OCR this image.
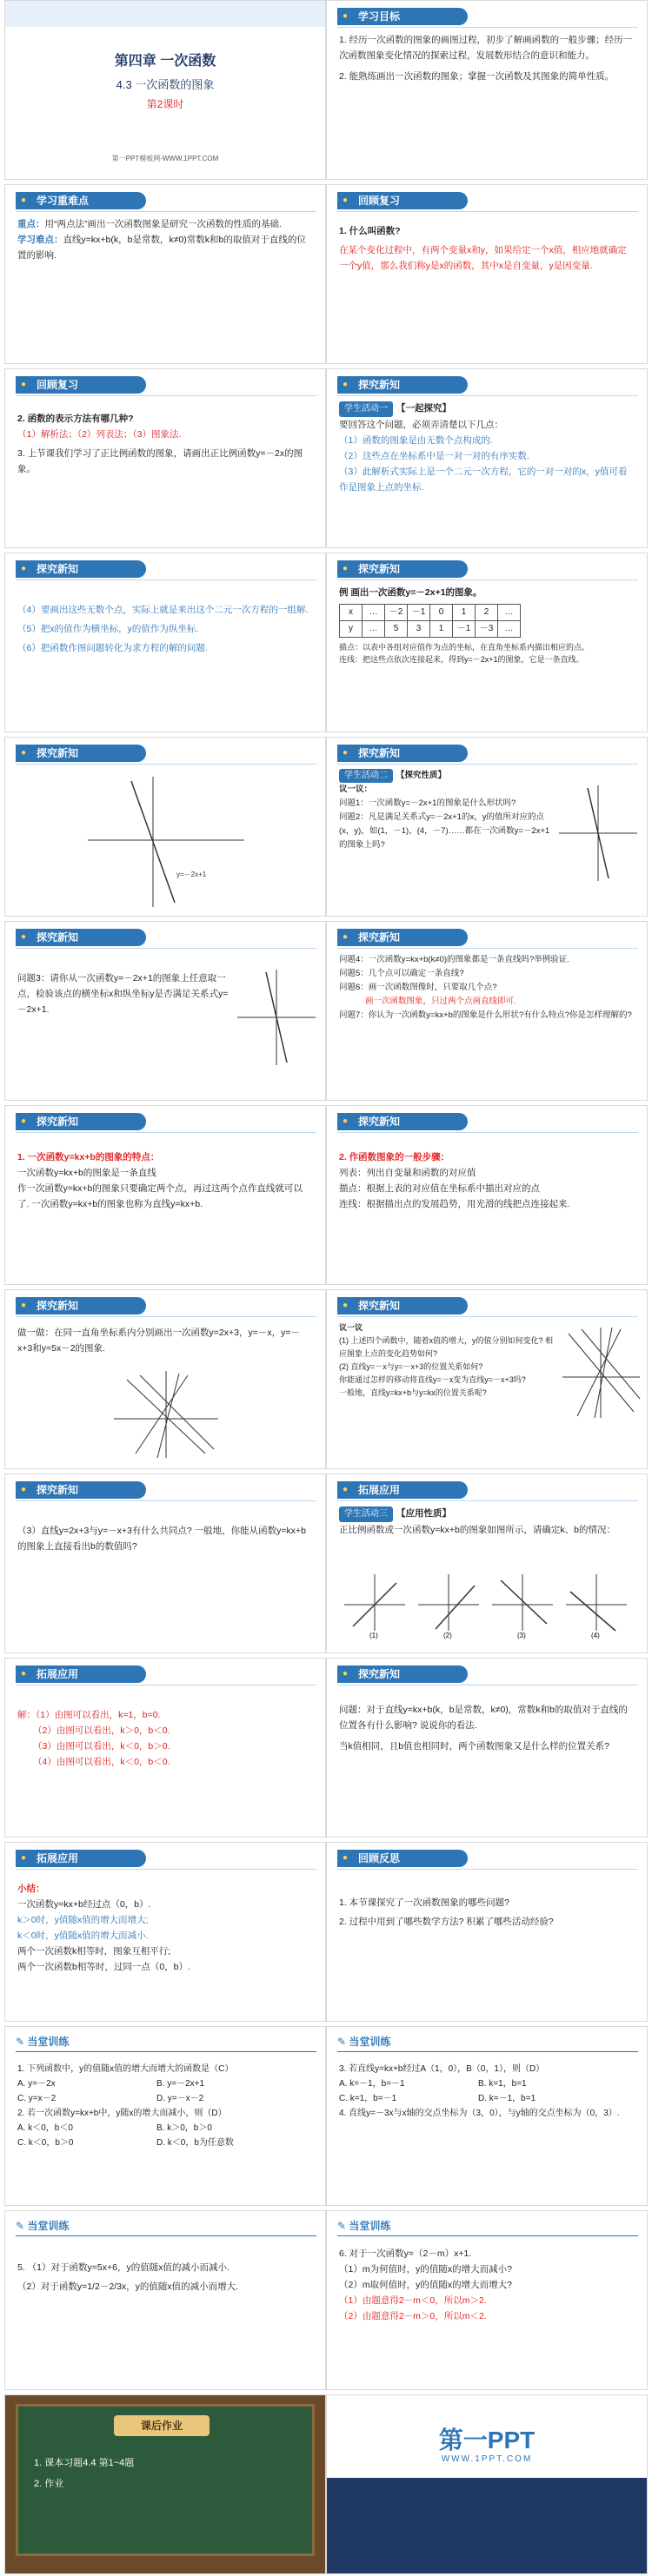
第四章 一次函数
4.3 一次函数的图象
第2课时
第一PPT模板网-WWW.1PPT.COM
● 学习目标

1. 经历一次函数的图象的画图过程，初步了解画函数的一般步骤；经历一次函数图象变化情况的探索过程，发展数形结合的意识和能力。

2. 能熟练画出一次函数的图象；掌握一次函数及其图象的简单性质。

● 学习重难点

重点：用“两点法”画出一次函数图象是研究一次函数的性质的基础.

学习难点：直线y=kx+b(k，b是常数，k≠0)常数k和b的取值对于直线的位置的影响.

● 回顾复习

1. 什么叫函数?

在某个变化过程中，有两个变量x和y，如果给定一个x值，相应地就确定一个y值，那么我们称y是x的函数，其中x是自变量，y是因变量.

● 回顾复习

2. 函数的表示方法有哪几种?

（1）解析法；（2）列表法；（3）图象法.

3. 上节课我们学习了正比例函数的图象，请画出正比例函数y=－2x的图象。

● 探究新知

学生活动一 【一起探究】

要回答这个问题，必须弄清楚以下几点：

（1）函数的图象是由无数个点构成的.

（2）这些点在坐标系中是一对一对的有序实数.

（3）此解析式实际上是一个二元一次方程，它的一对一对的x，y值可看作是图象上点的坐标.

● 探究新知

（4）要画出这些无数个点，实际上就是来出这个二元一次方程的一组解.

（5）把x的值作为横坐标，y的值作为纵坐标.

（6）把函数作图问题转化为求方程的解的问题.

● 探究新知

例 画出一次函数y=－2x+1的图象。

x	…	－2	－1	0	1	2	…
y	…	5	3	1	－1	－3	…

描点：以表中各组对应值作为点的坐标，在直角坐标系内描出相应的点。

连线：把这些点依次连接起来，得到y=－2x+1的图象，它是一条直线。

● 探究新知
y=－2x+1
● 探究新知

学生活动二 【探究性质】

议一议：

问题1：一次函数y=－2x+1的图象是什么形状吗?

问题2：凡是满足关系式y=－2x+1的x，y的值所对应的点(x，y)，如(1，－1)，(4，－7)……都在一次函数y=－2x+1的图象上吗?

● 探究新知

问题3：请你从一次函数y=－2x+1的图象上任意取一点，检验该点的横坐标x和纵坐标y是否满足关系式y=－2x+1.

● 探究新知

问题4：一次函数y=kx+b(k≠0)的图象都是一条直线吗?举例验证.

问题5：几个点可以确定一条直线?

问题6：画一次函数图像时，只要取几个点?

画一次函数图象，只过两个点画直线即可.

问题7：你认为一次函数y=kx+b的图象是什么形状?有什么特点?你是怎样理解的?

● 探究新知

1. 一次函数y=kx+b的图象的特点：

一次函数y=kx+b的图象是一条直线

作一次函数y=kx+b的图象只要确定两个点，再过这两个点作直线就可以了. 一次函数y=kx+b的图象也称为直线y=kx+b.

● 探究新知

2. 作函数图象的一般步骤：

列表：列出自变量和函数的对应值

描点：根据上表的对应值在坐标系中描出对应的点

连线：根据描出点的发展趋势，用光滑的线把点连接起来.

● 探究新知

做一做：在同一直角坐标系内分别画出一次函数y=2x+3，y=－x，y=－x+3和y=5x－2的图象.

● 探究新知

议一议

(1) 上述四个函数中，随着x值的增大，y的值分别如何变化? 相应图象上点的变化趋势如何?

(2) 直线y=－x与y=－x+3的位置关系如何?

你能通过怎样的移动将直线y=－x变为直线y=－x+3吗?

一般地，直线y=kx+b与y=kx的位置关系呢?

● 探究新知

（3）直线y=2x+3与y=－x+3有什么共同点? 一般地，你能从函数y=kx+b的图象上直接看出b的数值吗?

● 拓展应用

学生活动三 【应用性质】

正比例函数或一次函数y=kx+b的图象如图所示，请确定k、b的情况：

(1)	(2)	(3)	(4)
● 拓展应用

解：（1）由图可以看出，k=1，b=0.

（2）由图可以看出，k＞0，b＜0.

（3）由图可以看出，k＜0，b＞0.

（4）由图可以看出，k＜0，b＜0.

● 探究新知

问题：对于直线y=kx+b(k，b是常数，k≠0)，常数k和b的取值对于直线的位置各有什么影响? 说说你的看法.

当k值相同，且b值也相同时，两个函数图象又是什么样的位置关系?

● 拓展应用

小结：

一次函数y=kx+b经过点（0，b）.

k＞0时，y值随x值的增大而增大;

k＜0时，y值随x值的增大而减小.

两个一次函数k相等时，图象互相平行;

两个一次函数b相等时，过同一点（0，b）.

● 回顾反思

1. 本节课探究了一次函数图象的哪些问题?

2. 过程中用到了哪些数学方法? 积累了哪些活动经验?

✎ 当堂训练

1. 下列函数中，y的值随x值的增大而增大的函数是（C）

A. y=－2x	B. y=－2x+1

C. y=x－2	D. y=－x－2

2. 若一次函数y=kx+b中，y随x的增大而减小，则（D）

A. k＜0，b＜0	B. k＞0，b＞0

C. k＜0，b＞0	D. k＜0，b为任意数

✎ 当堂训练

3. 若直线y=kx+b经过A（1，0），B（0，1），则（D）

A. k=－1，b=－1	B. k=1，b=1

C. k=1，b=－1	D. k=－1，b=1

4. 直线y=－3x与x轴的交点坐标为（3，0），与y轴的交点坐标为（0，3）.

✎ 当堂训练

5. （1）对于函数y=5x+6，y的值随x值的减小而减小.

（2）对于函数y=1/2－2/3x，y的值随x值的减小而增大.

✎ 当堂训练

6. 对于一次函数y=（2－m）x+1.

（1）m为何值时，y的值随x的增大而减小?

（2）m取何值时，y的值随x的增大而增大?

（1）由题意得2－m＜0，所以m＞2.

（2）由题意得2－m＞0，所以m＜2.

课后作业
1. 课本习题4.4 第1~4题
2. 作业
第一PPT
WWW.1PPT.COM
